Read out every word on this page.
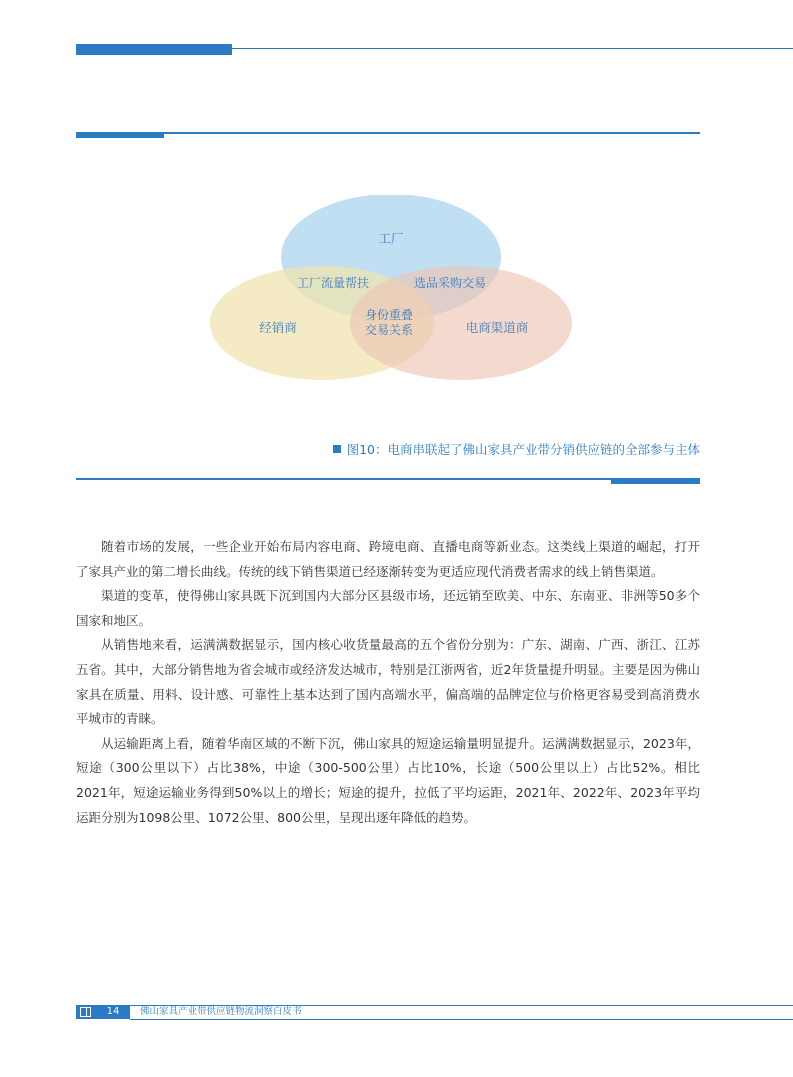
工厂
经销商	电商渠道商
工厂流量帮扶	选品采购交易
身份重叠
交易关系
图10：电商串联起了佛山家具产业带分销供应链的全部参与主体

随着市场的发展，一些企业开始布局内容电商、跨境电商、直播电商等新业态。这类线上渠道的崛起，打开了家具产业的第二增长曲线。传统的线下销售渠道已经逐渐转变为更适应现代消费者需求的线上销售渠道。

渠道的变革，使得佛山家具既下沉到国内大部分区县级市场，还远销至欧美、中东、东南亚、非洲等50多个国家和地区。

从销售地来看，运满满数据显示，国内核心收货量最高的五个省份分别为：广东、湖南、广西、浙江、江苏五省。其中，大部分销售地为省会城市或经济发达城市，特别是江浙两省，近2年货量提升明显。主要是因为佛山家具在质量、用料、设计感、可靠性上基本达到了国内高端水平，偏高端的品牌定位与价格更容易受到高消费水平城市的青睐。

从运输距离上看，随着华南区域的不断下沉，佛山家具的短途运输量明显提升。运满满数据显示，2023年，短途（300公里以下）占比38%，中途（300-500公里）占比10%，长途（500公里以上）占比52%。相比2021年，短途运输业务得到50%以上的增长；短途的提升，拉低了平均运距，2021年、2022年、2023年平均运距分别为1098公里、1072公里、800公里，呈现出逐年降低的趋势。

14	佛山家具产业带供应链物流洞察白皮书
